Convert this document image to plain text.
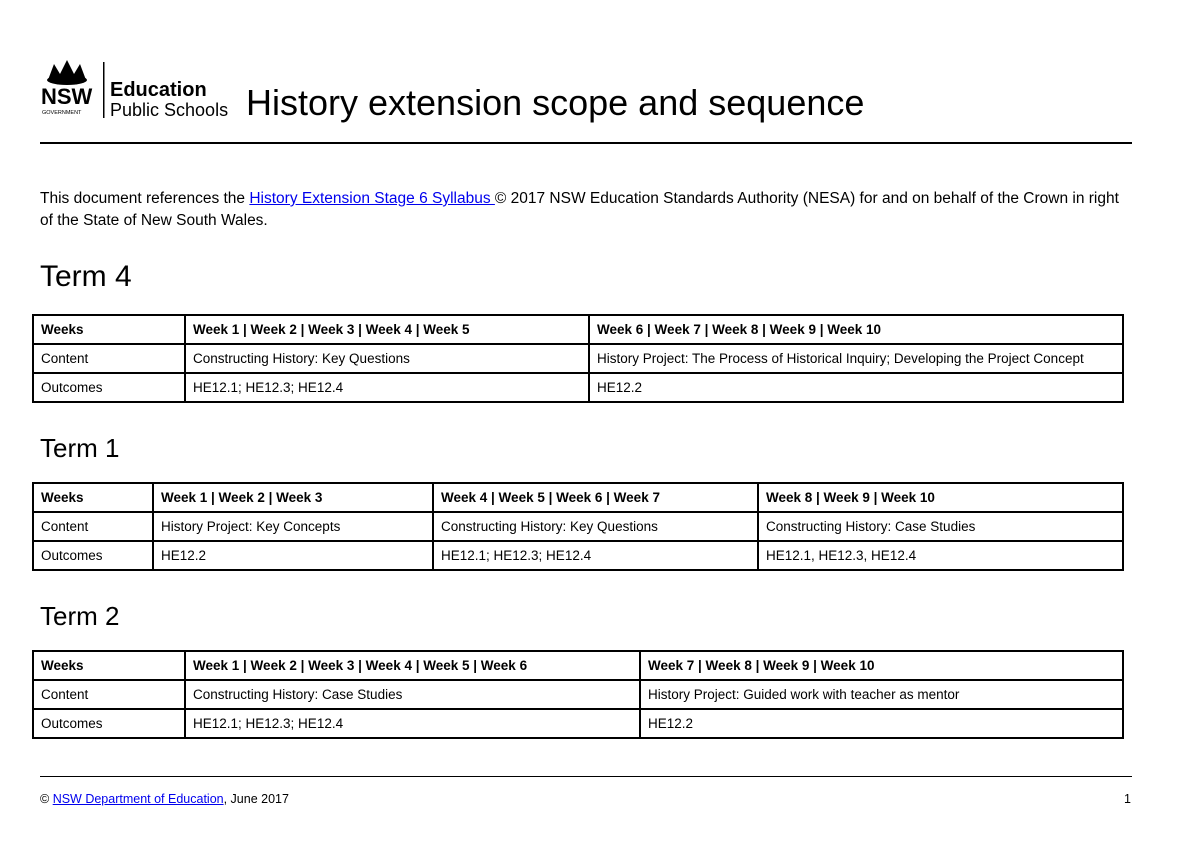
NSW
GOVERNMENT
Education
Public Schools History extension scope and sequence
This document references the History Extension Stage 6 Syllabus © 2017 NSW Education Standards Authority (NESA) for and on behalf of the Crown in right of the State of New South Wales.
Term 4
Weeks	Week 1 | Week 2 | Week 3 | Week 4 | Week 5	Week 6 | Week 7 | Week 8 | Week 9 | Week 10
Content	Constructing History: Key Questions	History Project: The Process of Historical Inquiry; Developing the Project Concept
Outcomes	HE12.1; HE12.3; HE12.4	HE12.2
Term 1
Weeks	Week 1 | Week 2 | Week 3	Week 4 | Week 5 | Week 6 | Week 7	Week 8 | Week 9 | Week 10
Content	History Project: Key Concepts	Constructing History: Key Questions	Constructing History: Case Studies
Outcomes	HE12.2	HE12.1; HE12.3; HE12.4	HE12.1, HE12.3, HE12.4
Term 2
Weeks	Week 1 | Week 2 | Week 3 | Week 4 | Week 5 | Week 6	Week 7 | Week 8 | Week 9 | Week 10
Content	Constructing History: Case Studies	History Project: Guided work with teacher as mentor
Outcomes	HE12.1; HE12.3; HE12.4	HE12.2
© NSW Department of Education, June 2017	1
